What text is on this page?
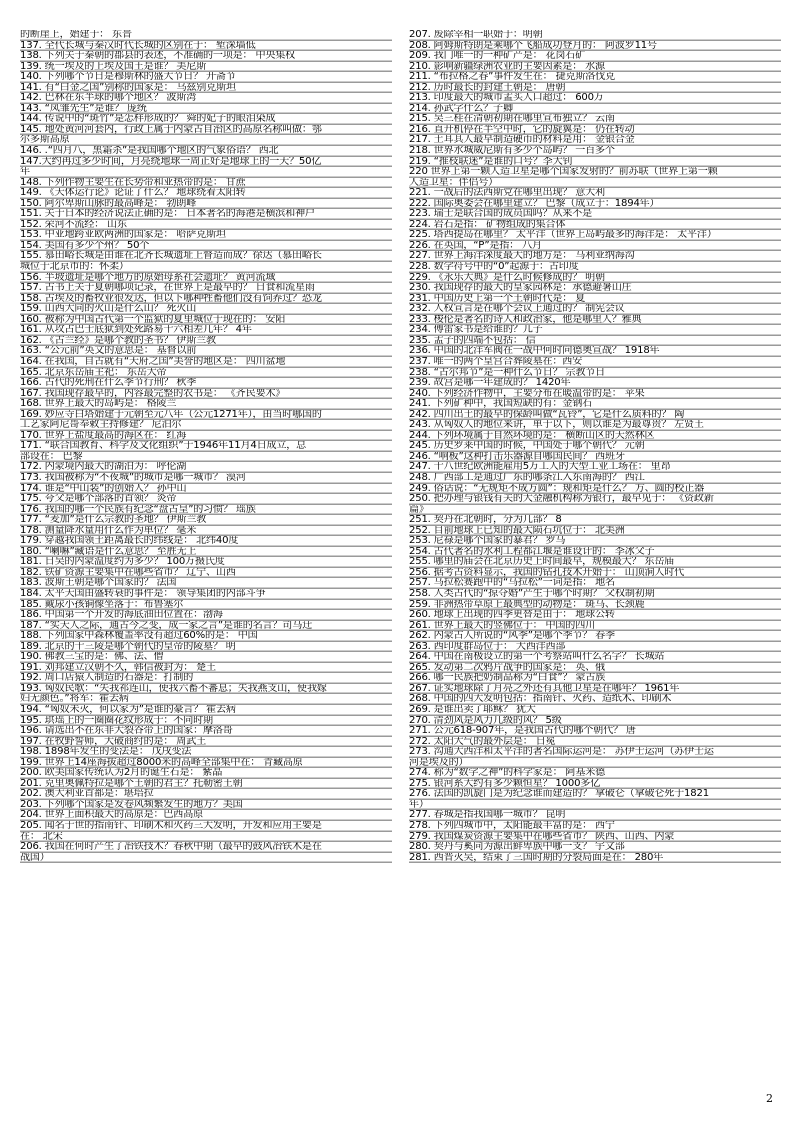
的断崖上，始建于： 东晋
137. 全代长城与秦汉时代长城的区别在于： 堑深墙低
138. 下列关于秦朝的郡县的表述，不准确的一项是： 中央集权
139. 统一埃及的上埃及国王是谁？ 美尼斯
140. 下列哪个节日是穆斯林的盛大节日？ 开斋节
141. 有“白金之国”别称的国家是： 乌兹别克斯坦
142. 巴林在东半球的哪个地区？ 波斯湾
143. “凤雏先生”是谁？ 庞统
144. 传说中的“斑竹”是怎样形成的？ 舜的妃子的眼泪染成
145. 地处黄河河套内，行政上属于内蒙古自治区的高原名称叫做：鄂
尔多斯高原
146. .“四月八，黑霜杀”是我国哪个地区的气象俗语？ 西北
147.大约再过多少时间，月亮绕地球一周正好是地球上的一天？50亿
年
148. 下列作物主要生在长势带和亚热带的是： 甘蔗
149. 《天体运行论》论证了什么？ 地球绕着太阳转
150. 阿尔卑斯山脉的最高峰是： 勃朗峰
151. 关于日本的经济说法正确的是： 日本著名的海港是横滨和神户
152. 荣河不流经： 山东
153. 中亚地跨亚欧两洲的国家是： 哈萨克斯坦
154. 美国有多少个州？ 50个
155. 慕田峪长城是由谁在北齐长城遗址上督造而成？徐达（慕田峪长
城位于北京市的：怀柔）
156. 半坡遗址是哪个地方的原始母系社会遗址？ 黄河流域
157. 古书上关于夏朝哪项记录，在世界上是最早的？ 日食和流星雨
158. 古埃及的畜牧业很发达，但以下哪种牲畜他们没有饲养过？恐龙
159. 山西大同的火山是什么山？ 死火山
160. 被称为中国古代第一个监狱的夏里城位于现在的： 安阳
161. 从攻占巴士底狱到处死路易十六相差几年？ 4年
162. 《古兰经》是哪个教的圣书？ 伊斯兰教
163. “公元前”英文的意思是： 基督以前
164. 在我国，自古就有“天府之国”美誉的地区是： 四川盆地
165. 北京东岳庙主祀： 东岳大帝
166. 古代的死刑在什么季节行刑？ 秋季
167. 我国现存最早的，内容最完整的农书是： 《齐民要术》
168. 世界上最大的岛屿是： 格陵兰
169. 妙应寺白塔始建于元朝至元八年（公元1271年），由当时哪国的
工艺家阿尼哥奉敕主持修建？ 尼泊尔
170. 世界上盐度最高的海区在： 红海
171. “联合国教育、科学及文化组织”于1946年11月4日成立，总
部设在： 巴黎
172. 内蒙境内最大的湖泊为： 呼伦湖
173. 我国被称为“不夜城”的城市是哪一城市？ 漠河
174. 谁是“中山装”的创始人？ 孙中山
175. 夸父是哪个部落的首领？ 炎帝
176. 我国的哪一个民族有纪念“盘古皇”的习惯？ 瑶族
177. “麦加”是什么宗教的圣地？ 伊斯兰教
178. 测量降水量用什么作为单位？ 毫米
179. 穿越我国领土距离最长的纬线是： 北纬40度
180. “喇嘛”藏语是什么意思？ 至胜无上
181. 日吴的内蒙温度约为多少？ 100万摄氏度
182. 铁矿资源主要集中在哪些省市？ 辽宁、山西
183. 波斯王朝是哪个国家的？ 法国
184. 太平天国由盛转衰的事件是： 领导集团的内部斗争
185. 戴尿小孩铜像坐落于：布鲁塞尔
186. 中国第一个开发的海底油田位置在：渤海
187. “实天人之际，通古今之变，成一家之言”是谁的名言？司马迁
188. 下列国家中森林覆盖率没有超过60%的是： 中国
189. 北京的十三陵是哪个朝代的皇帝的陵墓？ 明
190. 佛教三宝的是：佛、法、僧
191. 刘邦建立汉朝不久，韩信被封为： 楚王
192. 周口店猿人制造的石器是：打制的
193. 匈奴民歌：“失我祁连山，使我六畜不蕃息；失我燕支山，使我嫁
妇无颜色。”将军：霍去病
194. “匈奴未灭，何以家为”是谁的豪言？ 霍去病
195. 珙瑶上的一圈圈花纹形成于：不同时期
196. 请选出不在东非大裂谷带上的国家：摩洛哥
197. 在牧野誓师，大破商纣的是： 周武王
198. 1898年发生的变法是： 戊戌变法
199. 世界上14座海拔超过8000米的高峰全部集中在： 青藏高原
200. 欧美国家传统认为2月的诞生石是： 紫晶
201. 克里奥佩特拉是哪个王朝的君主？托勒密王朝
202. 澳大利亚首都是：堪培拉
203. 下列哪个国家是发卷风频繁发生的地方？美国
204. 世界上面积最大的高原是：巴西高原
205. 闻名于世的指南针、印刷术和火药三大发明，开发和应用主要是
在： 北宋
206. 我国在何时产生了冶铁技术？春秋中期（最早的鼓风冶铁术是在
战国）
207. 废除宰相一职始于：明朝
208. 阿姆斯特朗是乘哪个飞船成功登月的： 阿波罗11号
209. 我门唯一的一种矿产是： 花岗石矿
210. 影响新疆绿洲农业的主要因素是： 水源
211. “布拉格之春”事件发生在： 捷克斯洛伐克
212. 历时最长的封建王朝是： 唐朝
213. 印度最大的城市孟买人口超过： 600万
214. 孙武字什么？子卿
215. 吴三桂在清朝初期在哪里宣布独立？ 云南
216. 直升机停在半空中时，它的旋翼是： 仍在转动
217. 土耳其人最早制造硬币的材料是用： 金银合金
218. 世界水城威尼斯有多少个岛屿？ 一百多个
219. “推枝联迷”是谁的口号？李大钊
220 世界上第一颗人造卫星是哪个国家发射的？前苏联（世界上第一颗
人造卫星：伴侣号）
221. 一战后的法西斯党在哪里出现？ 意大利
222. 国际奥委会在哪里建立？ 巴黎（成立于：1894年）
223. 瑞士是联合国的成员国吗？从来不是
224. 岩石是指： 矿物组成的集合体
225. 塔西提岛在哪里？ 太平洋（世界上岛屿最多的海洋是： 太平洋）
226. 在英国，“P”是指： 八月
227. 世界上海洋深度最大的地方是： 马利亚纳海沟
228. 数学符号中的“0”起源于：古印度
229. 《永乐大典》是什么时候修成的？ 明朝
230. 我国现存的最大的皇家园林是：承德避暑山庄
231. 中国历史上第一个王朝时代是： 夏
232. 人权宣言是在哪个会议上通过的？ 制宪会议
233. 梭伦是著名的诗人和政治家，他是哪里人？雅典
234. 傅雷家书是给谁的？儿子
235. 孟子的四端不包括： 信
236. 中国的北洋军阀在一战中何时向德奥宣战？ 1918年
237. 唯一的两个皇宫合葬陵墓在：西安
238. “古尔邦节”是一种什么节日？ 宗教节日
239. 故宫是哪一年建成的？ 1420年
240. 下列经济作物中，主要分布在暖温带的是： 苹果
241. 下列矿种中，我国短缺的有：金钢石
242. 四川出土的最早的保龄叫做“瓦铃”，它是什么质料的？ 陶
243. 从匈奴人的地位来讲，单于以下，则以谁是为最尊贵？ 左贤王
244. 下列环境属于自然环境的是： 横断山区的天然林区
245. 历史罗莱中国的时候，中国处于哪个朝代？ 元朝
246. “响板”这种打击乐器源自哪国民间？ 西班牙
247. 十八世纪欧洲能雇用5万工人的大型工业工场在： 里昂
248. 广西部工是通过广东的哪条江入东南海的？ 西江
249. 俗话说：“无规矩不成方圆”：规和矩是什么？ 方、圆的校正器
250. 把办理与银钱有关的大金融机构称为银行，最早见于： 《资政新
篇》
251. 契丹在北朝时，分为几部？ 8
252. 目前地球上已知的最大陨石坑位于： 北美洲
253. 尼禄是哪个国家的暴君？ 罗马
254. 古代著名的水利工程都江堰是谁设计的： 李冰父子
255. 哪里的庙会在北京历史上时间最早，规模最大？ 东岳庙
256. 据考古资料显示，我国的钻孔技术开始于： 山顶洞人时代
257. 马拉松赛跑中的“马拉松”一词是指： 地名
258. 人类古代的“掠夺婚”产生于哪个时期？ 父权制初期
259. 非洲热带草原上最典型的动物是： 斑马、长颈鹿
260. 地球上出现的四季更替是由于： 地球公转
261. 世界上最大的竖佛位于： 中国的四川
262. 内蒙古人所说的“风季”是哪个季节？ 春季
263. 西印度群岛位于： 大西洋西部
264. 中国在南极设立的第一个考察站叫什么名字？ 长城站
265. 发动第二次鸦片战争的国家是： 英、俄
266. 哪一民族把奶制品称为“白食”？ 蒙古族
267. 证实地球除了月亮之外还有其他卫星是在哪年？ 1961年
268. 中国的四大发明包括：指南针、火药、造纸术、印刷术
269. 是谁出卖了耶稣？ 犹大
270. 清劲风是风力几级的风？ 5级
271. 公元618-907年，是我国古代的哪个朝代？ 唐
272. 太阳大气的最外层是： 日冕
273. 沟通大西洋和太平洋的著名国际运河是： 苏伊士运河（苏伊士运
河是埃及的）
274. 称为“数学之神”的科学家是： 阿基米德
275. 银河系大约有多少颗恒星？ 1000多亿
276. 法国的凯旋门是为纪念谁而建造的？ 拿破仑（拿破仑死于1821
年）
277. 春城是指我国哪一城市？ 昆明
278. 下列四城市中，太阳能最丰富的是： 西宁
279. 我国煤炭资源主要集中在哪些省市？ 陕西、山西、内蒙
280. 契丹与奚同为源出鲜卑族中哪一支？ 宇文部
281. 西晋灭吴，结束了三国时期的分裂局面是在： 280年
2
